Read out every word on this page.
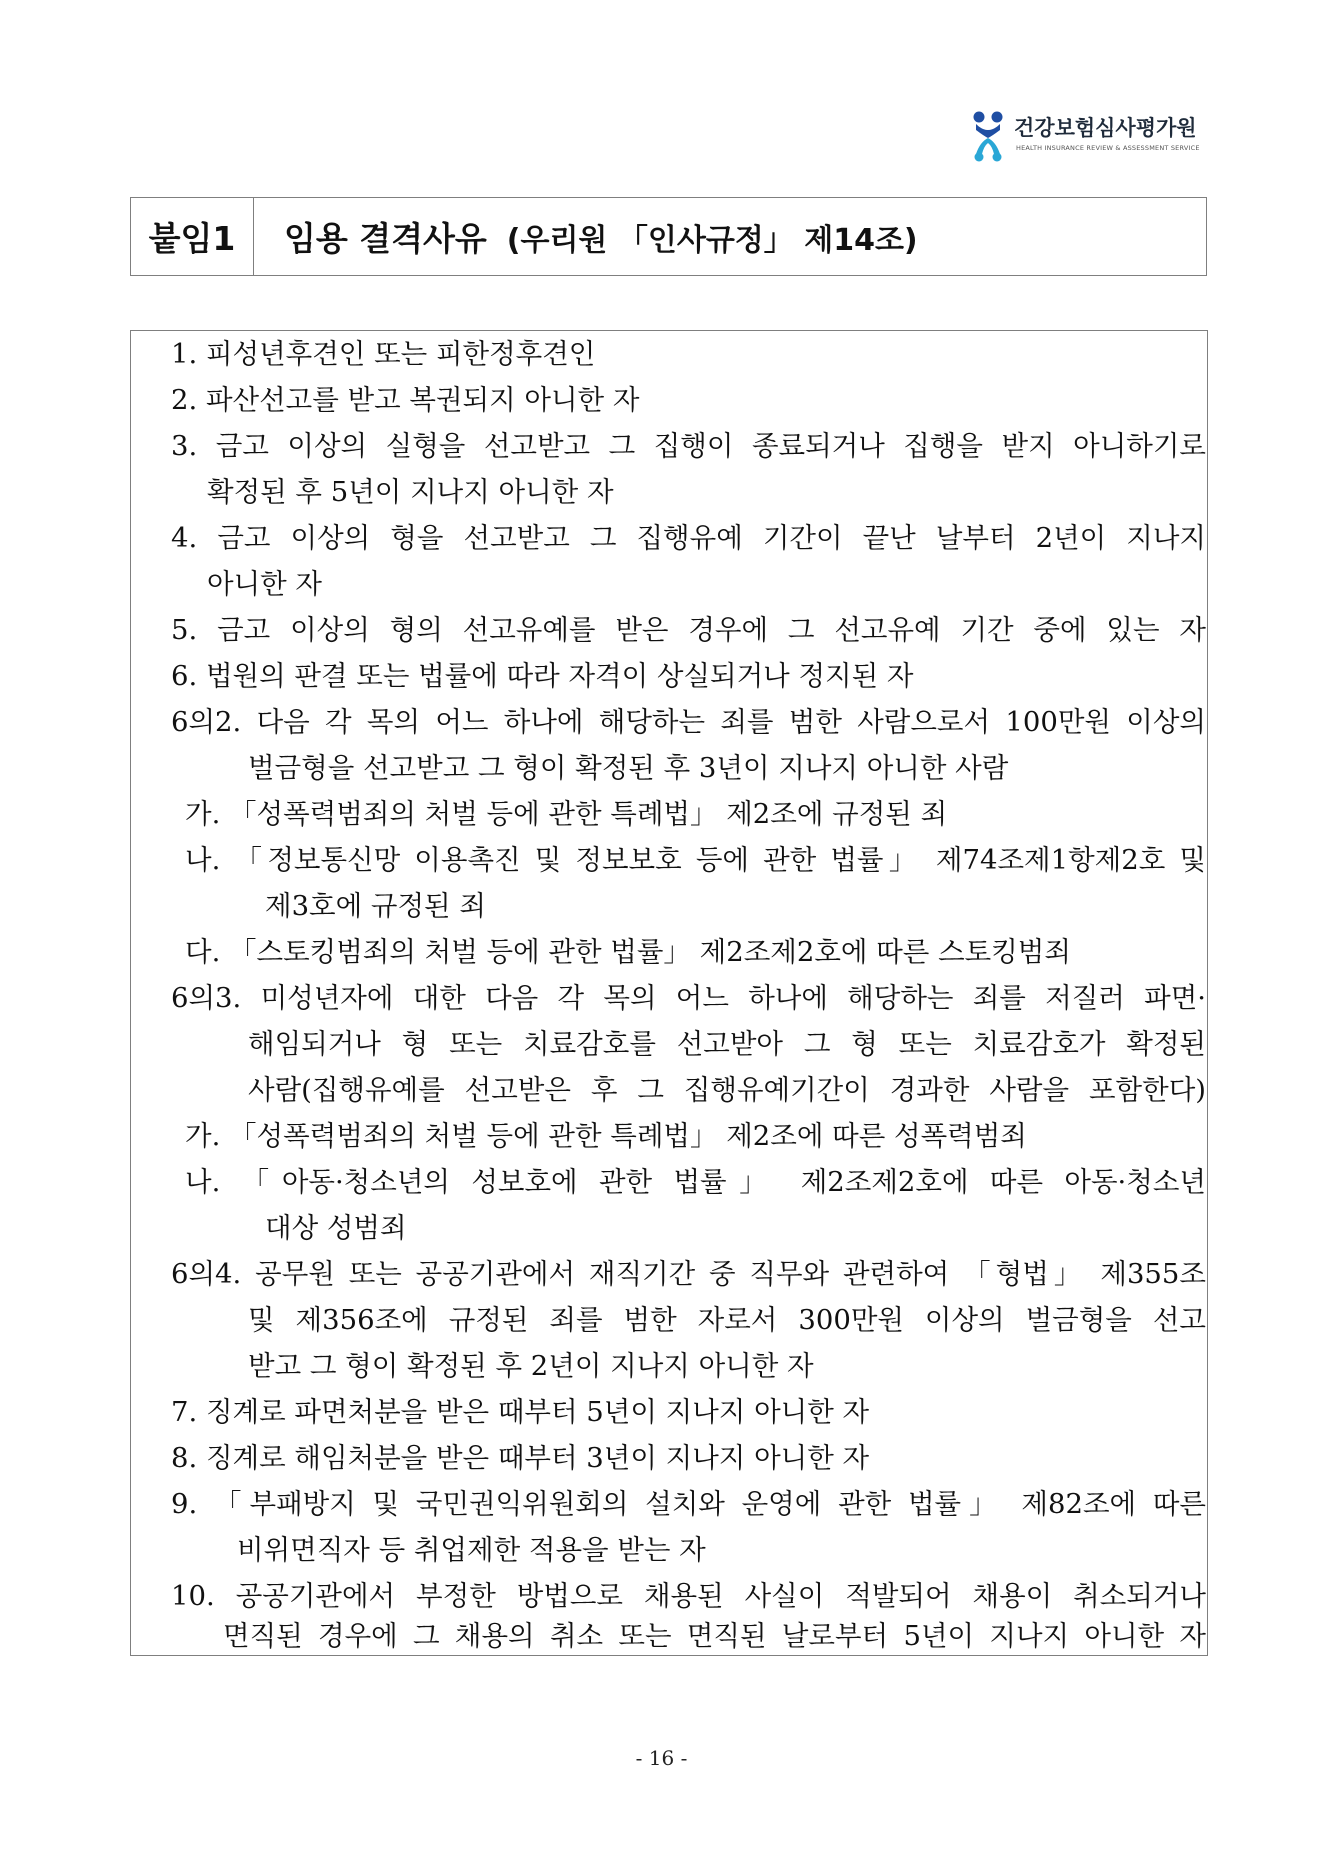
건강보험심사평가원
HEALTH INSURANCE REVIEW & ASSESSMENT SERVICE
붙임1	임용 결격사유 (우리원 「인사규정」 제14조)
1. 피성년후견인 또는 피한정후견인
2. 파산선고를 받고 복권되지 아니한 자
3. 금고 이상의 실형을 선고받고 그 집행이 종료되거나 집행을 받지 아니하기로
확정된 후 5년이 지나지 아니한 자
4. 금고 이상의 형을 선고받고 그 집행유예 기간이 끝난 날부터 2년이 지나지
아니한 자
5. 금고 이상의 형의 선고유예를 받은 경우에 그 선고유예 기간 중에 있는 자
6. 법원의 판결 또는 법률에 따라 자격이 상실되거나 정지된 자
6의2. 다음 각 목의 어느 하나에 해당하는 죄를 범한 사람으로서 100만원 이상의
벌금형을 선고받고 그 형이 확정된 후 3년이 지나지 아니한 사람
가. 「성폭력범죄의 처벌 등에 관한 특례법」 제2조에 규정된 죄
나. 「정보통신망 이용촉진 및 정보보호 등에 관한 법률」 제74조제1항제2호 및
제3호에 규정된 죄
다. 「스토킹범죄의 처벌 등에 관한 법률」 제2조제2호에 따른 스토킹범죄
6의3. 미성년자에 대한 다음 각 목의 어느 하나에 해당하는 죄를 저질러 파면·
해임되거나 형 또는 치료감호를 선고받아 그 형 또는 치료감호가 확정된
사람(집행유예를 선고받은 후 그 집행유예기간이 경과한 사람을 포함한다)
가. 「성폭력범죄의 처벌 등에 관한 특례법」 제2조에 따른 성폭력범죄
나. 「아동·청소년의 성보호에 관한 법률」 제2조제2호에 따른 아동·청소년
대상 성범죄
6의4. 공무원 또는 공공기관에서 재직기간 중 직무와 관련하여 「형법」 제355조
및 제356조에 규정된 죄를 범한 자로서 300만원 이상의 벌금형을 선고
받고 그 형이 확정된 후 2년이 지나지 아니한 자
7. 징계로 파면처분을 받은 때부터 5년이 지나지 아니한 자
8. 징계로 해임처분을 받은 때부터 3년이 지나지 아니한 자
9. 「부패방지 및 국민권익위원회의 설치와 운영에 관한 법률」 제82조에 따른
비위면직자 등 취업제한 적용을 받는 자
10. 공공기관에서 부정한 방법으로 채용된 사실이 적발되어 채용이 취소되거나
면직된 경우에 그 채용의 취소 또는 면직된 날로부터 5년이 지나지 아니한 자
- 16 -
